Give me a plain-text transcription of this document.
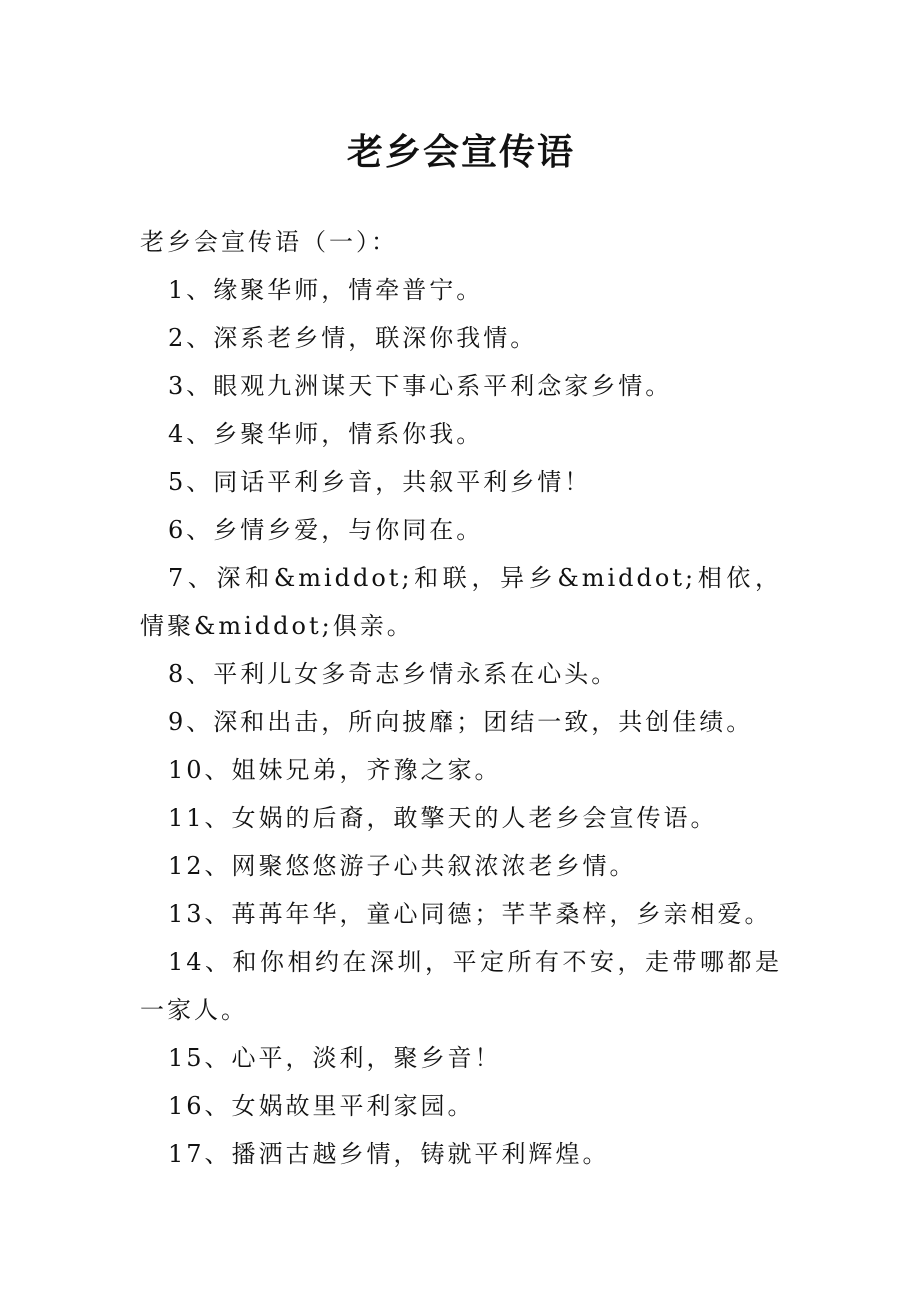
老乡会宣传语

老乡会宣传语（一）：

1、缘聚华师，情牵普宁。

2、深系老乡情，联深你我情。

3、眼观九洲谋天下事心系平利念家乡情。

4、乡聚华师，情系你我。

5、同话平利乡音，共叙平利乡情！

6、乡情乡爱，与你同在。

7、深和&middot;和联，异乡&middot;相依，情聚&middot;俱亲。

8、平利儿女多奇志乡情永系在心头。

9、深和出击，所向披靡；团结一致，共创佳绩。

10、姐妹兄弟，齐豫之家。

11、女娲的后裔，敢擎天的人老乡会宣传语。

12、网聚悠悠游子心共叙浓浓老乡情。

13、苒苒年华，童心同德；芊芊桑梓，乡亲相爱。

14、和你相约在深圳，平定所有不安，走带哪都是一家人。

15、心平，淡利，聚乡音！

16、女娲故里平利家园。

17、播洒古越乡情，铸就平利辉煌。
